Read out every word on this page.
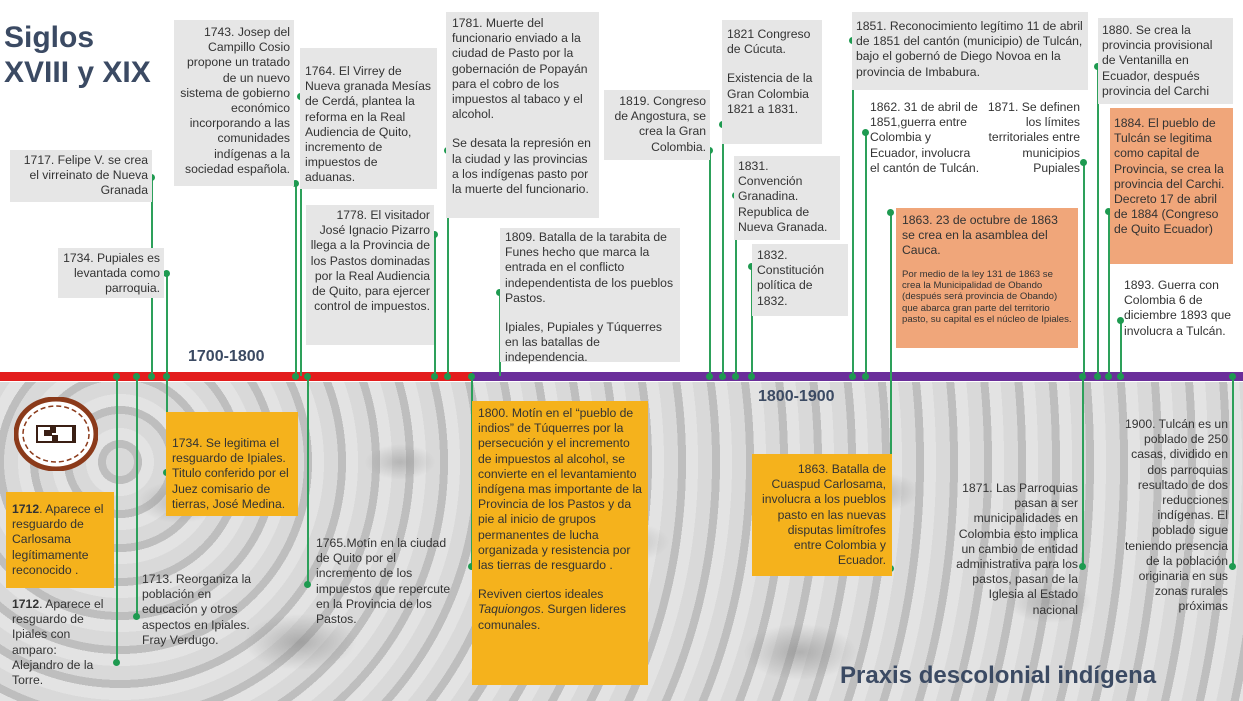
Siglos
XVIII y XIX
1700-1800
1800-1900
1717. Felipe V. se crea el virreinato de Nueva Granada
1734. Pupiales es levantada como parroquia.
1743. Josep del Campillo Cosio propone un tratado de un nuevo sistema de gobierno económico incorporando a las comunidades indígenas a la sociedad española.
1764. El Virrey de Nueva granada Mesías de Cerdá, plantea la reforma en la Real Audiencia de Quito, incremento de impuestos de aduanas.
1778. El visitador José Ignacio Pizarro llega a la Provincia de los Pastos dominadas por la Real Audiencia de Quito, para ejercer control de impuestos.
1781. Muerte del funcionario enviado a la ciudad de Pasto por la gobernación de Popayán para el cobro de los impuestos al tabaco y el alcohol.
Se desata la represión en la ciudad y las provincias a los indígenas pasto por la muerte del funcionario.
1809. Batalla de la tarabita de Funes hecho que marca la entrada en el conflicto independentista de los pueblos Pastos.
Ipiales, Pupiales y Túquerres en las batallas de independencia.
1819. Congreso de Angostura, se crea la Gran Colombia.
1821 Congreso de Cúcuta.
Existencia de la Gran Colombia 1821 a 1831.
1831. Convención Granadina. Republica de Nueva Granada.
1832. Constitución política de 1832.
1851. Reconocimiento legítimo 11 de abril de 1851 del cantón (municipio) de Tulcán, bajo el gobernó de Diego Novoa en la provincia de Imbabura.
1862. 31 de abril de 1851,guerra entre Colombia y Ecuador, involucra el cantón de Tulcán.
1871. Se definen los límites territoriales entre municipios Pupiales
1880. Se crea la provincia provisional de Ventanilla en Ecuador, después provincia del Carchi
1884. El pueblo de Tulcán se legitima como capital de Provincia, se crea la provincia del Carchi. Decreto 17 de abril de 1884 (Congreso de Quito Ecuador)
1863. 23 de octubre de 1863 se crea en la asamblea del Cauca.
Por medio de la ley 131 de 1863 se crea la Municipalidad de Obando (después será provincia de Obando) que abarca gran parte del territorio pasto, su capital es el núcleo de Ipiales.
1893. Guerra con Colombia 6 de diciembre 1893 que involucra a Tulcán.
1712. Aparece el resguardo de Carlosama legítimamente reconocido .
1712. Aparece el resguardo de Ipiales con amparo: Alejandro de la Torre.
1713. Reorganiza la población en educación y otros aspectos en Ipiales. Fray Verdugo.
1734. Se legitima el resguardo de Ipiales. Titulo conferido por el Juez comisario de tierras, José Medina.
1765.Motín en la ciudad de Quito por el incremento de los impuestos que repercute en la Provincia de los Pastos.
1800. Motín en el “pueblo de indios” de Túquerres por la persecución y el incremento de impuestos al alcohol, se convierte en el levantamiento indígena mas importante de la Provincia de los Pastos y da pie al inicio de grupos permanentes de lucha organizada y resistencia por las tierras de resguardo .
Reviven ciertos ideales Taquiongos. Surgen lideres comunales.
1863. Batalla de Cuaspud Carlosama, involucra a los pueblos pasto en las nuevas disputas limítrofes entre Colombia y Ecuador.
1871. Las Parroquias pasan a ser municipalidades en Colombia esto implica un cambio de entidad administrativa para los pastos, pasan de la Iglesia al Estado nacional
1900. Tulcán es un poblado de 250 casas, dividido en dos parroquias resultado de dos reducciones indígenas. El poblado sigue teniendo presencia de la población originaria en sus zonas rurales próximas
Praxis descolonial indígena
